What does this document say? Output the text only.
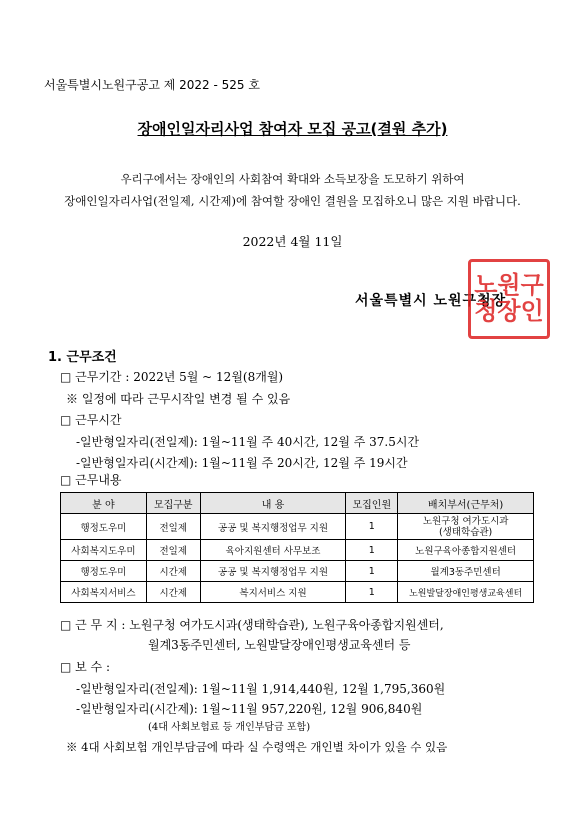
서울특별시노원구공고 제 2022 - 525 호
장애인일자리사업 참여자 모집 공고(결원 추가)
우리구에서는 장애인의 사회참여 확대와 소득보장을 도모하기 위하여
장애인일자리사업(전일제, 시간제)에 참여할 장애인 결원을 모집하오니 많은 지원 바랍니다.
2022년 4월 11일
서울특별시 노원구청장
노원구
청장인
1. 근무조건
□ 근무기간 : 2022년 5월 ~ 12월(8개월)
※ 일정에 따라 근무시작일 변경 될 수 있음
□ 근무시간
-일반형일자리(전일제): 1월~11월 주 40시간, 12월 주 37.5시간
-일반형일자리(시간제): 1월~11월 주 20시간, 12월 주 19시간
□ 근무내용
분 야	모집구분	내 용	모집인원	배치부서(근무처)
행정도우미	전일제	공공 및 복지행정업무 지원	1	노원구청 여가도시과
(생태학습관)

사회복지도우미	전일제	육아지원센터 사무보조	1	노원구육아종합지원센터
행정도우미	시간제	공공 및 복지행정업무 지원	1	월계3동주민센터
사회복지서비스	시간제	복지서비스 지원	1	노원발달장애인평생교육센터
□ 근 무 지 : 노원구청 여가도시과(생태학습관), 노원구육아종합지원센터,
월계3동주민센터, 노원발달장애인평생교육센터 등
□ 보 수 :
-일반형일자리(전일제): 1월~11월 1,914,440원, 12월 1,795,360원
-일반형일자리(시간제): 1월~11월 957,220원, 12월 906,840원
(4대 사회보험료 등 개인부담금 포함)
※ 4대 사회보험 개인부담금에 따라 실 수령액은 개인별 차이가 있을 수 있음
